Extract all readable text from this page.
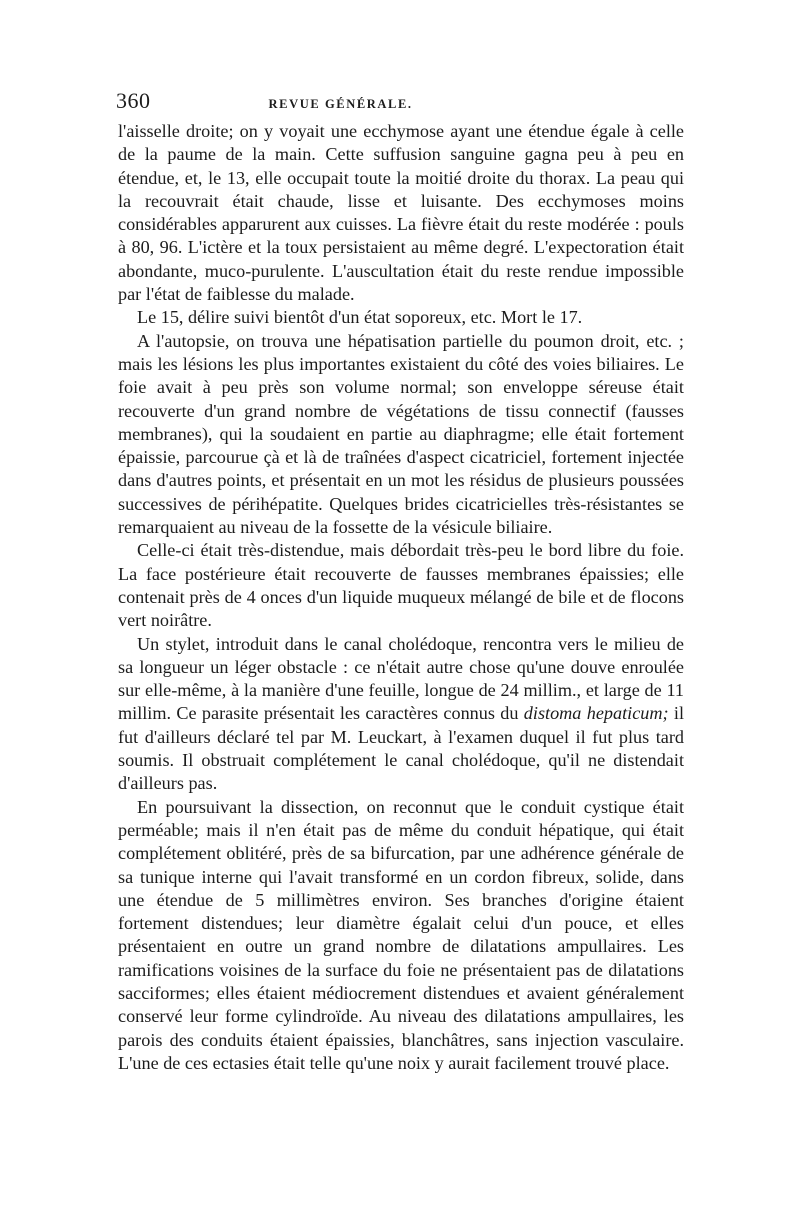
360	REVUE GÉNÉRALE.

l'aisselle droite; on y voyait une ecchymose ayant une étendue égale à celle de la paume de la main. Cette suffusion sanguine gagna peu à peu en étendue, et, le 13, elle occupait toute la moitié droite du thorax. La peau qui la recouvrait était chaude, lisse et luisante. Des ecchymoses moins considérables apparurent aux cuisses. La fièvre était du reste modérée : pouls à 80, 96. L'ictère et la toux persistaient au même degré. L'expectoration était abondante, muco-purulente. L'auscultation était du reste rendue impossible par l'état de faiblesse du malade.

Le 15, délire suivi bientôt d'un état soporeux, etc. Mort le 17.

A l'autopsie, on trouva une hépatisation partielle du poumon droit, etc. ; mais les lésions les plus importantes existaient du côté des voies biliaires. Le foie avait à peu près son volume normal; son enveloppe séreuse était recouverte d'un grand nombre de végétations de tissu connectif (fausses membranes), qui la soudaient en partie au diaphragme; elle était fortement épaissie, parcourue çà et là de traînées d'aspect cicatriciel, fortement injectée dans d'autres points, et présentait en un mot les résidus de plusieurs poussées successives de périhépatite. Quelques brides cicatricielles très-résistantes se remarquaient au niveau de la fossette de la vésicule biliaire.

Celle-ci était très-distendue, mais débordait très-peu le bord libre du foie. La face postérieure était recouverte de fausses membranes épaissies; elle contenait près de 4 onces d'un liquide muqueux mélangé de bile et de flocons vert noirâtre.

Un stylet, introduit dans le canal cholédoque, rencontra vers le milieu de sa longueur un léger obstacle : ce n'était autre chose qu'une douve enroulée sur elle-même, à la manière d'une feuille, longue de 24 millim., et large de 11 millim. Ce parasite présentait les caractères connus du distoma hepaticum; il fut d'ailleurs déclaré tel par M. Leuckart, à l'examen duquel il fut plus tard soumis. Il obstruait complétement le canal cholédoque, qu'il ne distendait d'ailleurs pas.

En poursuivant la dissection, on reconnut que le conduit cystique était perméable; mais il n'en était pas de même du conduit hépatique, qui était complétement oblitéré, près de sa bifurcation, par une adhérence générale de sa tunique interne qui l'avait transformé en un cordon fibreux, solide, dans une étendue de 5 millimètres environ. Ses branches d'origine étaient fortement distendues; leur diamètre égalait celui d'un pouce, et elles présentaient en outre un grand nombre de dilatations ampullaires. Les ramifications voisines de la surface du foie ne présentaient pas de dilatations sacciformes; elles étaient médiocrement distendues et avaient généralement conservé leur forme cylindroïde. Au niveau des dilatations ampullaires, les parois des conduits étaient épaissies, blanchâtres, sans injection vasculaire. L'une de ces ectasies était telle qu'une noix y aurait facilement trouvé place.
